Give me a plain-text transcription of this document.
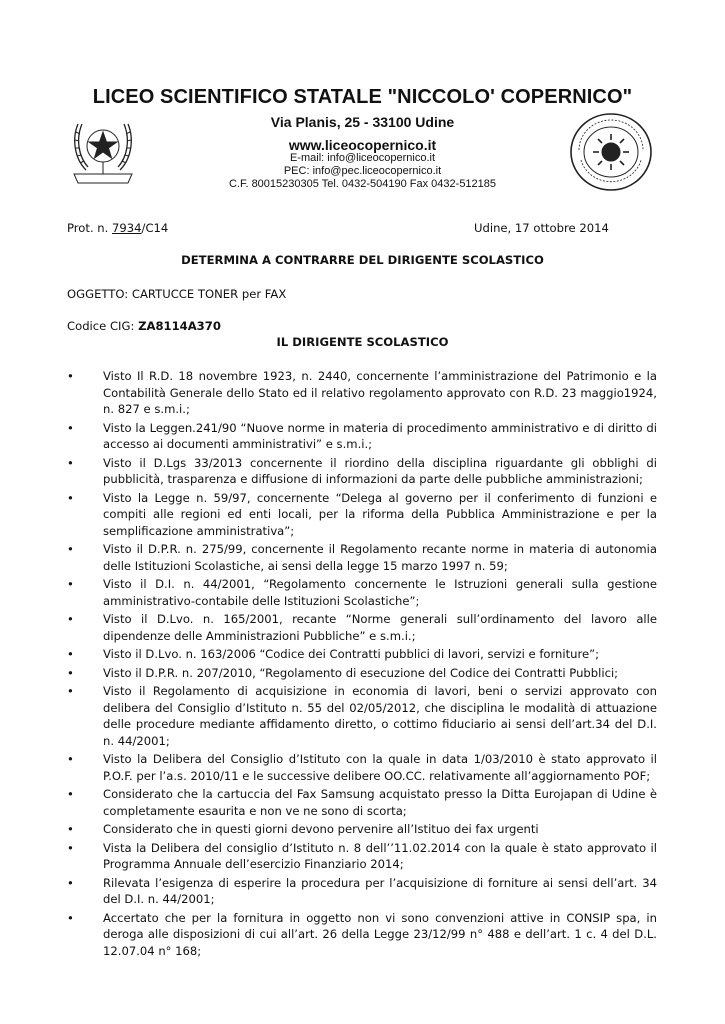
LICEO SCIENTIFICO STATALE "NICCOLO' COPERNICO"
Via Planis, 25 - 33100 Udine
www.liceocopernico.it
E-mail: info@liceocopernico.it
PEC: info@pec.liceocopernico.it
C.F. 80015230305 Tel. 0432-504190 Fax 0432-512185
Prot. n. 7934/C14	Udine, 17 ottobre 2014
DETERMINA A CONTRARRE DEL DIRIGENTE SCOLASTICO
OGGETTO: CARTUCCE TONER per FAX
Codice CIG: ZA8114A370
IL DIRIGENTE SCOLASTICO
•	Visto Il R.D. 18 novembre 1923, n. 2440, concernente l’amministrazione del Patrimonio e la Contabilità Generale dello Stato ed il relativo regolamento approvato con R.D. 23 maggio1924, n. 827 e s.m.i.;
•	Visto la Leggen.241/90 “Nuove norme in materia di procedimento amministrativo e di diritto di accesso ai documenti amministrativi” e s.m.i.;
•	Visto il D.Lgs 33/2013 concernente il riordino della disciplina riguardante gli obblighi di pubblicità, trasparenza e diffusione di informazioni da parte delle pubbliche amministrazioni;
•	Visto la Legge n. 59/97, concernente “Delega al governo per il conferimento di funzioni e compiti alle regioni ed enti locali, per la riforma della Pubblica Amministrazione e per la semplificazione amministrativa”;
•	Visto il D.P.R. n. 275/99, concernente il Regolamento recante norme in materia di autonomia delle Istituzioni Scolastiche, ai sensi della legge 15 marzo 1997 n. 59;
•	Visto il D.I. n. 44/2001, “Regolamento concernente le Istruzioni generali sulla gestione amministrativo-contabile delle Istituzioni Scolastiche”;
•	Visto il D.Lvo. n. 165/2001, recante “Norme generali sull’ordinamento del lavoro alle dipendenze delle Amministrazioni Pubbliche” e s.m.i.;
•	Visto il D.Lvo. n. 163/2006 “Codice dei Contratti pubblici di lavori, servizi e forniture”;
•	Visto il D.P.R. n. 207/2010, “Regolamento di esecuzione del Codice dei Contratti Pubblici;
•	Visto il Regolamento di acquisizione in economia di lavori, beni o servizi approvato con delibera del Consiglio d’Istituto n. 55 del 02/05/2012, che disciplina le modalità di attuazione delle procedure mediante affidamento diretto, o cottimo fiduciario ai sensi dell’art.34 del D.I. n. 44/2001;
•	Visto la Delibera del Consiglio d’Istituto con la quale in data 1/03/2010 è stato approvato il P.O.F. per l’a.s. 2010/11 e le successive delibere OO.CC. relativamente all’aggiornamento POF;
•	Considerato che la cartuccia del Fax Samsung acquistato presso la Ditta Eurojapan di Udine è completamente esaurita e non ve ne sono di scorta;
•	Considerato che in questi giorni devono pervenire all’Istituo dei fax urgenti
•	Vista la Delibera del consiglio d’Istituto n. 8 dell’’11.02.2014 con la quale è stato approvato il Programma Annuale dell’esercizio Finanziario 2014;
•	Rilevata l’esigenza di esperire la procedura per l’acquisizione di forniture ai sensi dell’art. 34 del D.I. n. 44/2001;
•	Accertato che per la fornitura in oggetto non vi sono convenzioni attive in CONSIP spa, in deroga alle disposizioni di cui all’art. 26 della Legge 23/12/99 n° 488 e dell’art. 1 c. 4 del D.L. 12.07.04 n° 168;
